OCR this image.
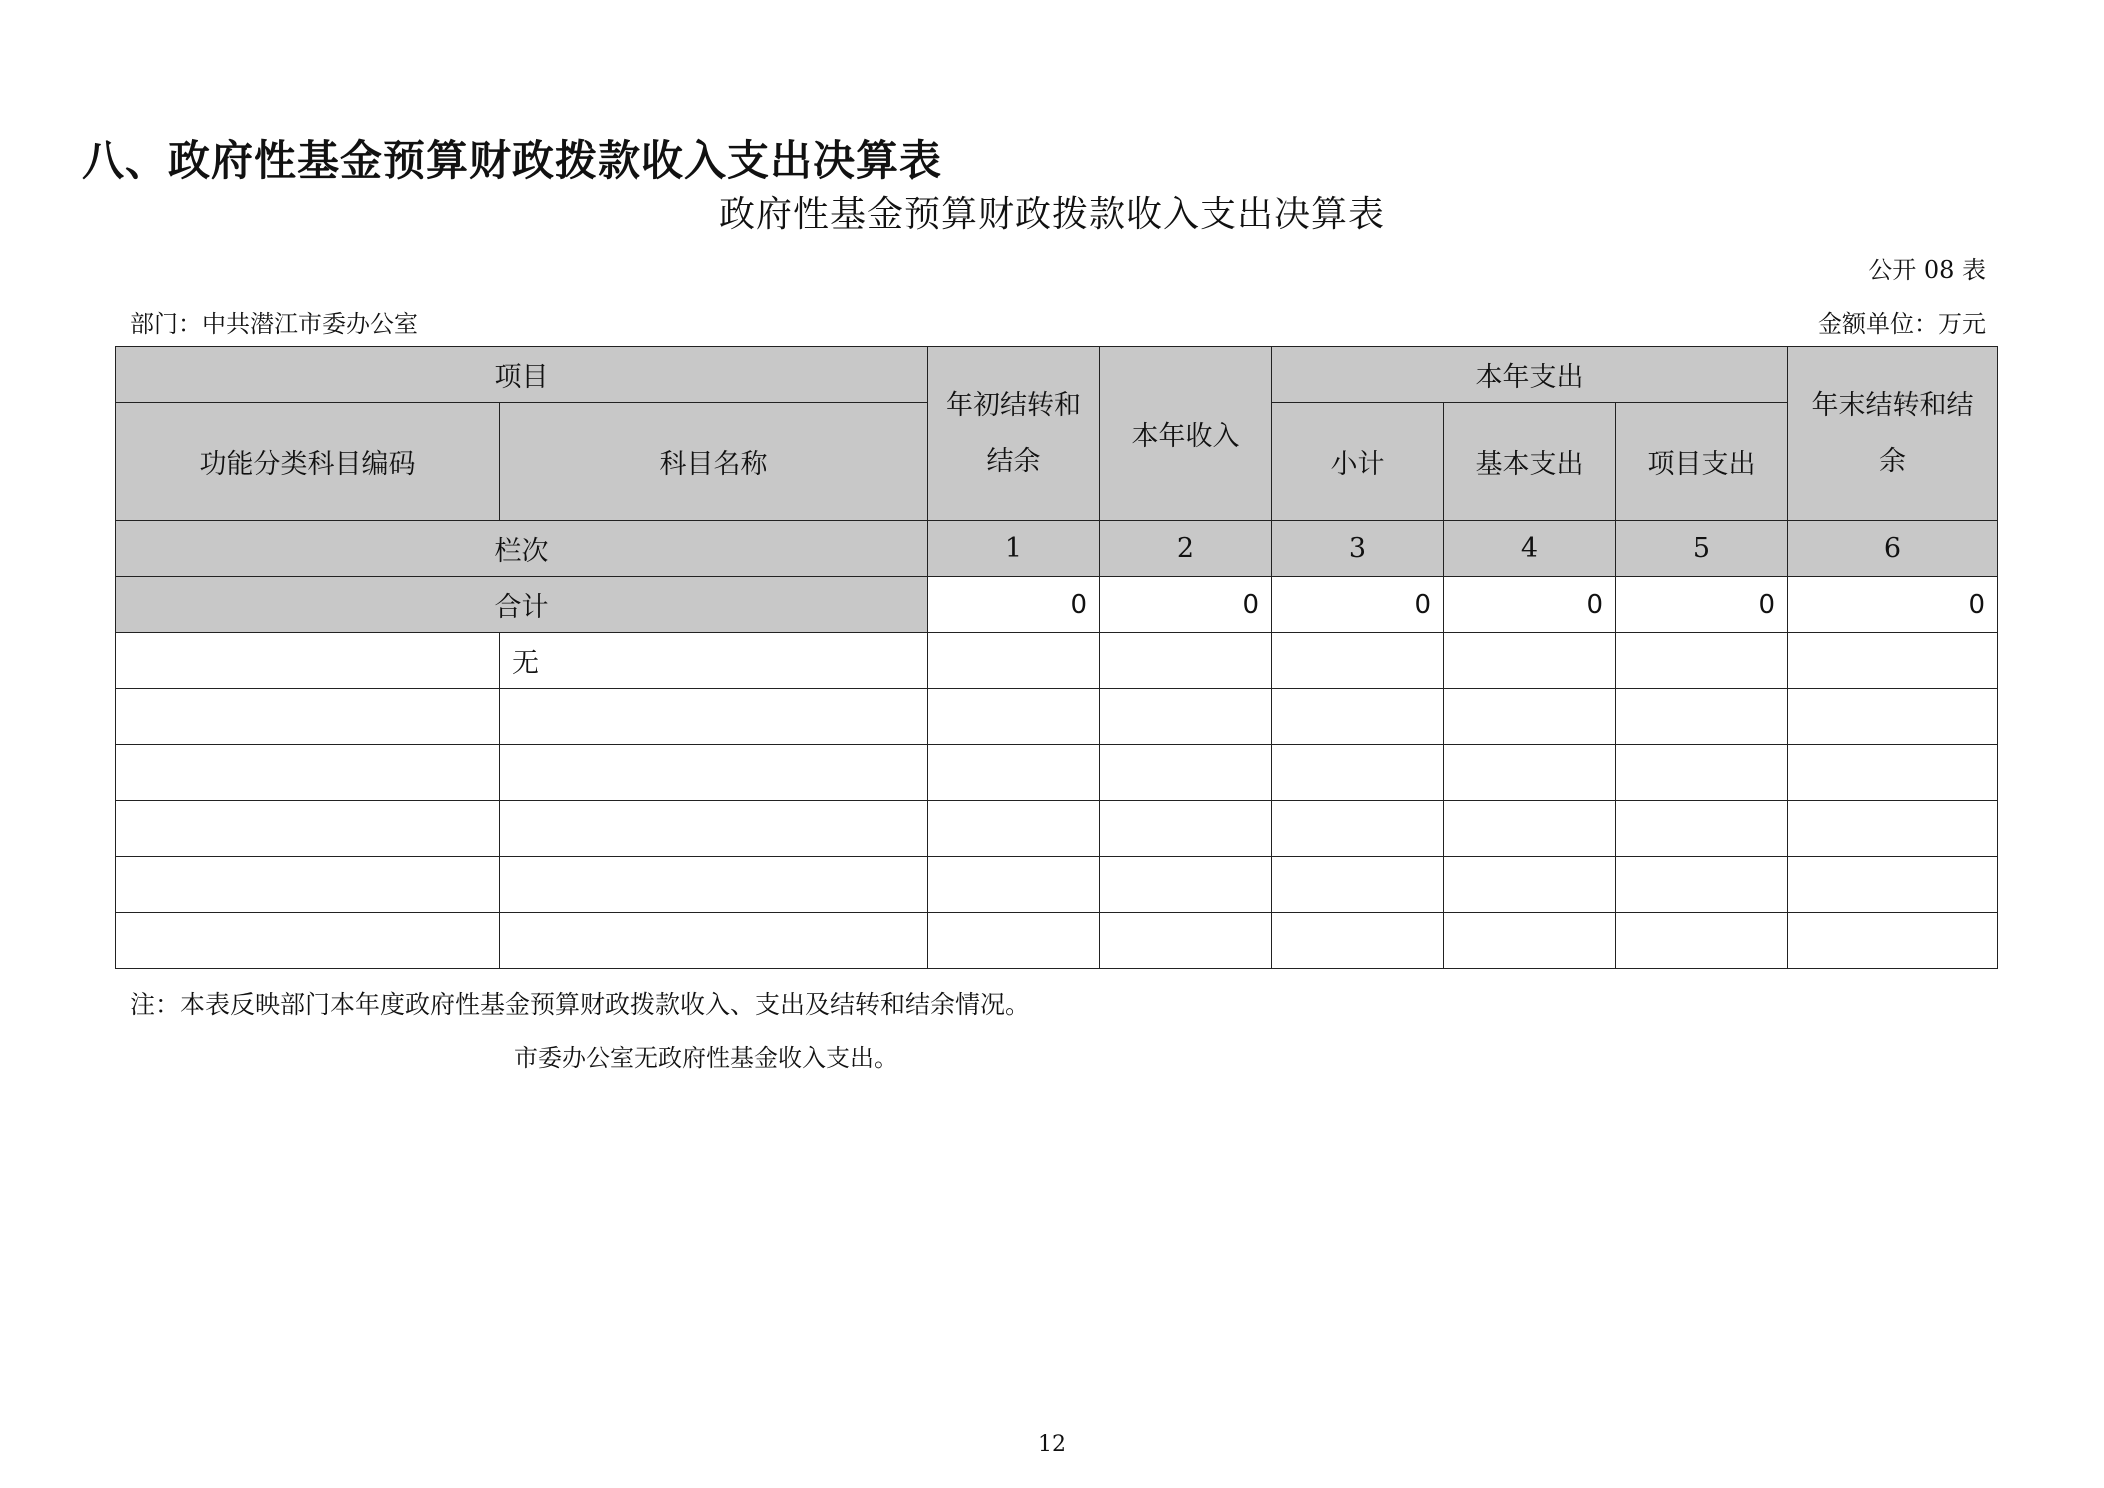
八、政府性基金预算财政拨款收入支出决算表
政府性基金预算财政拨款收入支出决算表
公开 08 表
部门：中共潜江市委办公室	金额单位：万元
项目		年初结转和结余	本年收入	本年支出			年末结转和结余

功能分类科目编码	科目名称			小计	基本支出	项目支出	
栏次		1	2	3	4	5	6
合计		0	0	0	0	0	0
	无						

注：本表反映部门本年度政府性基金预算财政拨款收入、支出及结转和结余情况。
市委办公室无政府性基金收入支出。
12
